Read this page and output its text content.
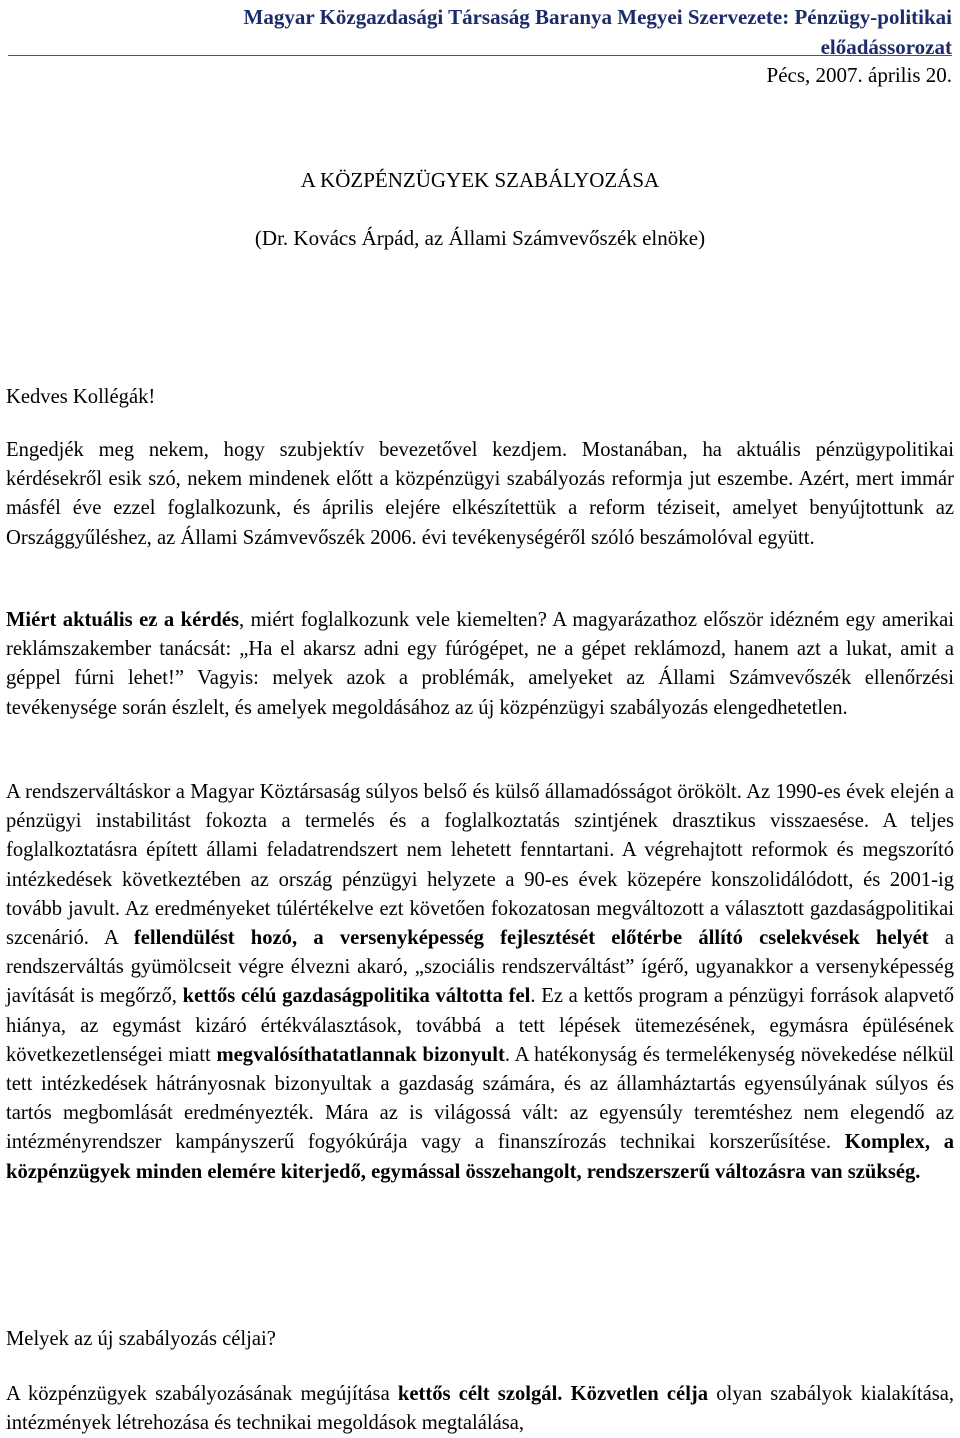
Magyar Közgazdasági Társaság Baranya Megyei Szervezete: Pénzügy-politikai
előadássorozat
Pécs, 2007. április 20.
A KÖZPÉNZÜGYEK SZABÁLYOZÁSA
(Dr. Kovács Árpád, az Állami Számvevőszék elnöke)

Kedves Kollégák!

Engedjék meg nekem, hogy szubjektív bevezetővel kezdjem. Mostanában, ha aktuális pénzügypolitikai kérdésekről esik szó, nekem mindenek előtt a közpénzügyi szabályozás reformja jut eszembe. Azért, mert immár másfél éve ezzel foglalkozunk, és április elejére elkészítettük a reform téziseit, amelyet benyújtottunk az Országgyűléshez, az Állami Számvevőszék 2006. évi tevékenységéről szóló beszámolóval együtt.

Miért aktuális ez a kérdés, miért foglalkozunk vele kiemelten? A magyarázathoz először idézném egy amerikai reklámszakember tanácsát: „Ha el akarsz adni egy fúrógépet, ne a gépet reklámozd, hanem azt a lukat, amit a géppel fúrni lehet!” Vagyis: melyek azok a problémák, amelyeket az Állami Számvevőszék ellenőrzési tevékenysége során észlelt, és amelyek megoldásához az új közpénzügyi szabályozás elengedhetetlen.

A rendszerváltáskor a Magyar Köztársaság súlyos belső és külső államadósságot örökölt. Az 1990-es évek elején a pénzügyi instabilitást fokozta a termelés és a foglalkoztatás szintjének drasztikus visszaesése. A teljes foglalkoztatásra épített állami feladatrendszert nem lehetett fenntartani. A végrehajtott reformok és megszorító intézkedések következtében az ország pénzügyi helyzete a 90-es évek közepére konszolidálódott, és 2001-ig tovább javult. Az eredményeket túlértékelve ezt követően fokozatosan megváltozott a választott gazdaságpolitikai szcenárió. A fellendülést hozó, a versenyképesség fejlesztését előtérbe állító cselekvések helyét a rendszerváltás gyümölcseit végre élvezni akaró, „szociális rendszerváltást” ígérő, ugyanakkor a versenyképesség javítását is megőrző, kettős célú gazdaságpolitika váltotta fel. Ez a kettős program a pénzügyi források alapvető hiánya, az egymást kizáró értékválasztások, továbbá a tett lépések ütemezésének, egymásra épülésének következetlenségei miatt megvalósíthatatlannak bizonyult. A hatékonyság és termelékenység növekedése nélkül tett intézkedések hátrányosnak bizonyultak a gazdaság számára, és az államháztartás egyensúlyának súlyos és tartós megbomlását eredményezték. Mára az is világossá vált: az egyensúly teremtéshez nem elegendő az intézményrendszer kampányszerű fogyókúrája vagy a finanszírozás technikai korszerűsítése. Komplex, a közpénzügyek minden elemére kiterjedő, egymással összehangolt, rendszerszerű változásra van szükség.

Melyek az új szabályozás céljai?

A közpénzügyek szabályozásának megújítása kettős célt szolgál. Közvetlen célja olyan szabályok kialakítása, intézmények létrehozása és technikai megoldások megtalálása,
